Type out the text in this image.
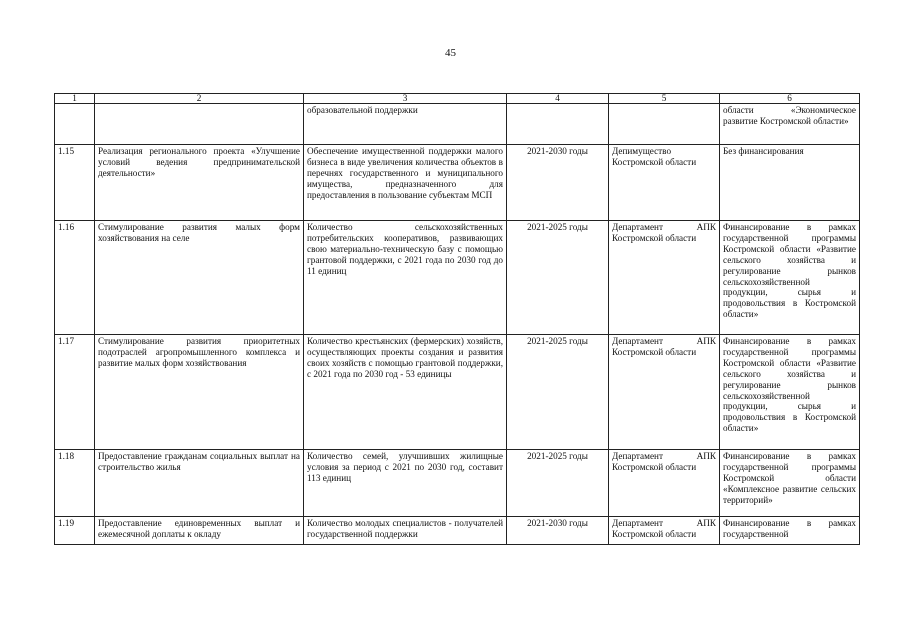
45
1	2	3	4	5	6
		образовательной поддержки			области «Экономическое развитие Костромской области»
1.15	Реализация регионального проекта «Улучшение условий ведения предпринимательской деятельности»	Обеспечение имущественной поддержки малого бизнеса в виде увеличения количества объектов в перечнях государственного и муниципального имущества, предназначенного для предоставления в пользование субъектам МСП	2021-2030 годы	Депимущество Костромской области	Без финансирования
1.16	Стимулирование развития малых форм хозяйствования на селе	Количество сельскохозяйственных потребительских кооперативов, развивающих свою материально-техническую базу с помощью грантовой поддержки, с 2021 года по 2030 год до 11 единиц	2021-2025 годы	Департамент АПК Костромской области	Финансирование в рамках государственной программы Костромской области «Развитие сельского хозяйства и регулирование рынков сельскохозяйственной продукции, сырья и продовольствия в Костромской области»
1.17	Стимулирование развития приоритетных подотраслей агропромышленного комплекса и развитие малых форм хозяйствования	Количество крестьянских (фермерских) хозяйств, осуществляющих проекты создания и развития своих хозяйств с помощью грантовой поддержки, с 2021 года по 2030 год - 53 единицы	2021-2025 годы	Департамент АПК Костромской области	Финансирование в рамках государственной программы Костромской области «Развитие сельского хозяйства и регулирование рынков сельскохозяйственной продукции, сырья и продовольствия в Костромской области»
1.18	Предоставление гражданам социальных выплат на строительство жилья	Количество семей, улучшивших жилищные условия за период с 2021 по 2030 год, составит 113 единиц	2021-2025 годы	Департамент АПК Костромской области	Финансирование в рамках государственной программы Костромской области «Комплексное развитие сельских территорий»
1.19	Предоставление единовременных выплат и ежемесячной доплаты к окладу	Количество молодых специалистов - получателей государственной поддержки	2021-2030 годы	Департамент АПК Костромской области	Финансирование в рамках государственной
